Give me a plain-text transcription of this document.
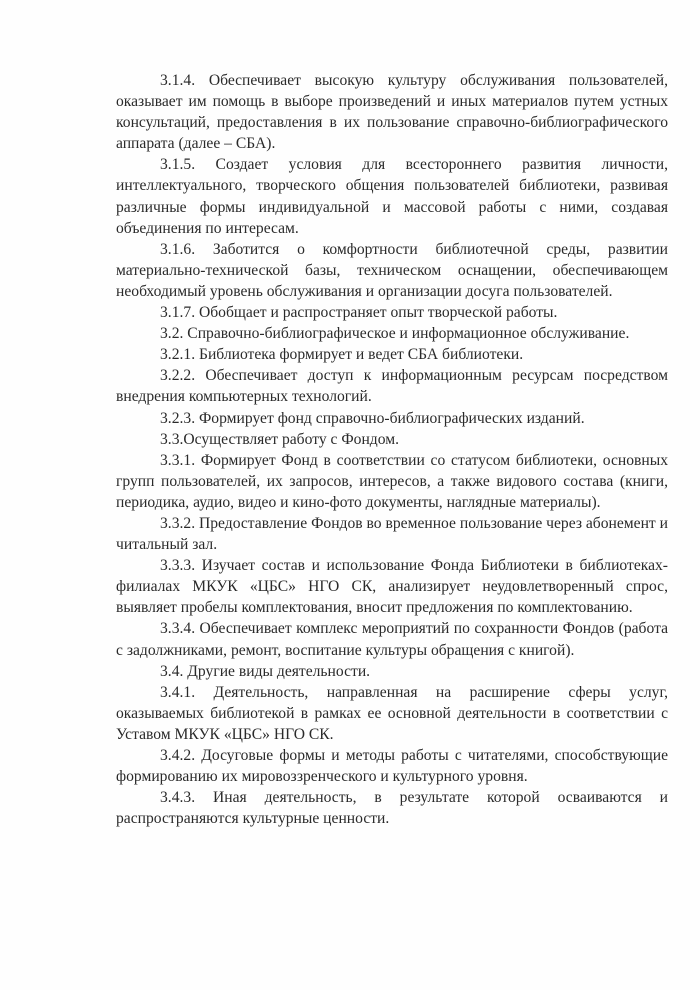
3.1.4. Обеспечивает высокую культуру обслуживания пользователей, оказывает им помощь в выборе произведений и иных материалов путем устных консультаций, предоставления в их пользование справочно-библиографического аппарата (далее – СБА).

3.1.5. Создает условия для всестороннего развития личности, интеллектуального, творческого общения пользователей библиотеки, развивая различные формы индивидуальной и массовой работы с ними, создавая объединения по интересам.

3.1.6. Заботится о комфортности библиотечной среды, развитии материально-технической базы, техническом оснащении, обеспечивающем необходимый уровень обслуживания и организации досуга пользователей.

3.1.7. Обобщает и распространяет опыт творческой работы.

3.2. Справочно-библиографическое и информационное обслуживание.

3.2.1. Библиотека формирует и ведет СБА библиотеки.

3.2.2. Обеспечивает доступ к информационным ресурсам посредством внедрения компьютерных технологий.

3.2.3. Формирует фонд справочно-библиографических изданий.

3.3.Осуществляет работу с Фондом.

3.3.1. Формирует Фонд в соответствии со статусом библиотеки, основных групп пользователей, их запросов, интересов, а также видового состава (книги, периодика, аудио, видео и кино-фото документы, наглядные материалы).

3.3.2. Предоставление Фондов во временное пользование через абонемент и читальный зал.

3.3.3. Изучает состав и использование Фонда Библиотеки в библиотеках-филиалах МКУК «ЦБС» НГО СК, анализирует неудовлетворенный спрос, выявляет пробелы комплектования, вносит предложения по комплектованию.

3.3.4. Обеспечивает комплекс мероприятий по сохранности Фондов (работа с задолжниками, ремонт, воспитание культуры обращения с книгой).

3.4. Другие виды деятельности.

3.4.1. Деятельность, направленная на расширение сферы услуг, оказываемых библиотекой в рамках ее основной деятельности в соответствии с Уставом МКУК «ЦБС» НГО СК.

3.4.2. Досуговые формы и методы работы с читателями, способствующие формированию их мировоззренческого и культурного уровня.

3.4.3. Иная деятельность, в результате которой осваиваются и распространяются культурные ценности.
